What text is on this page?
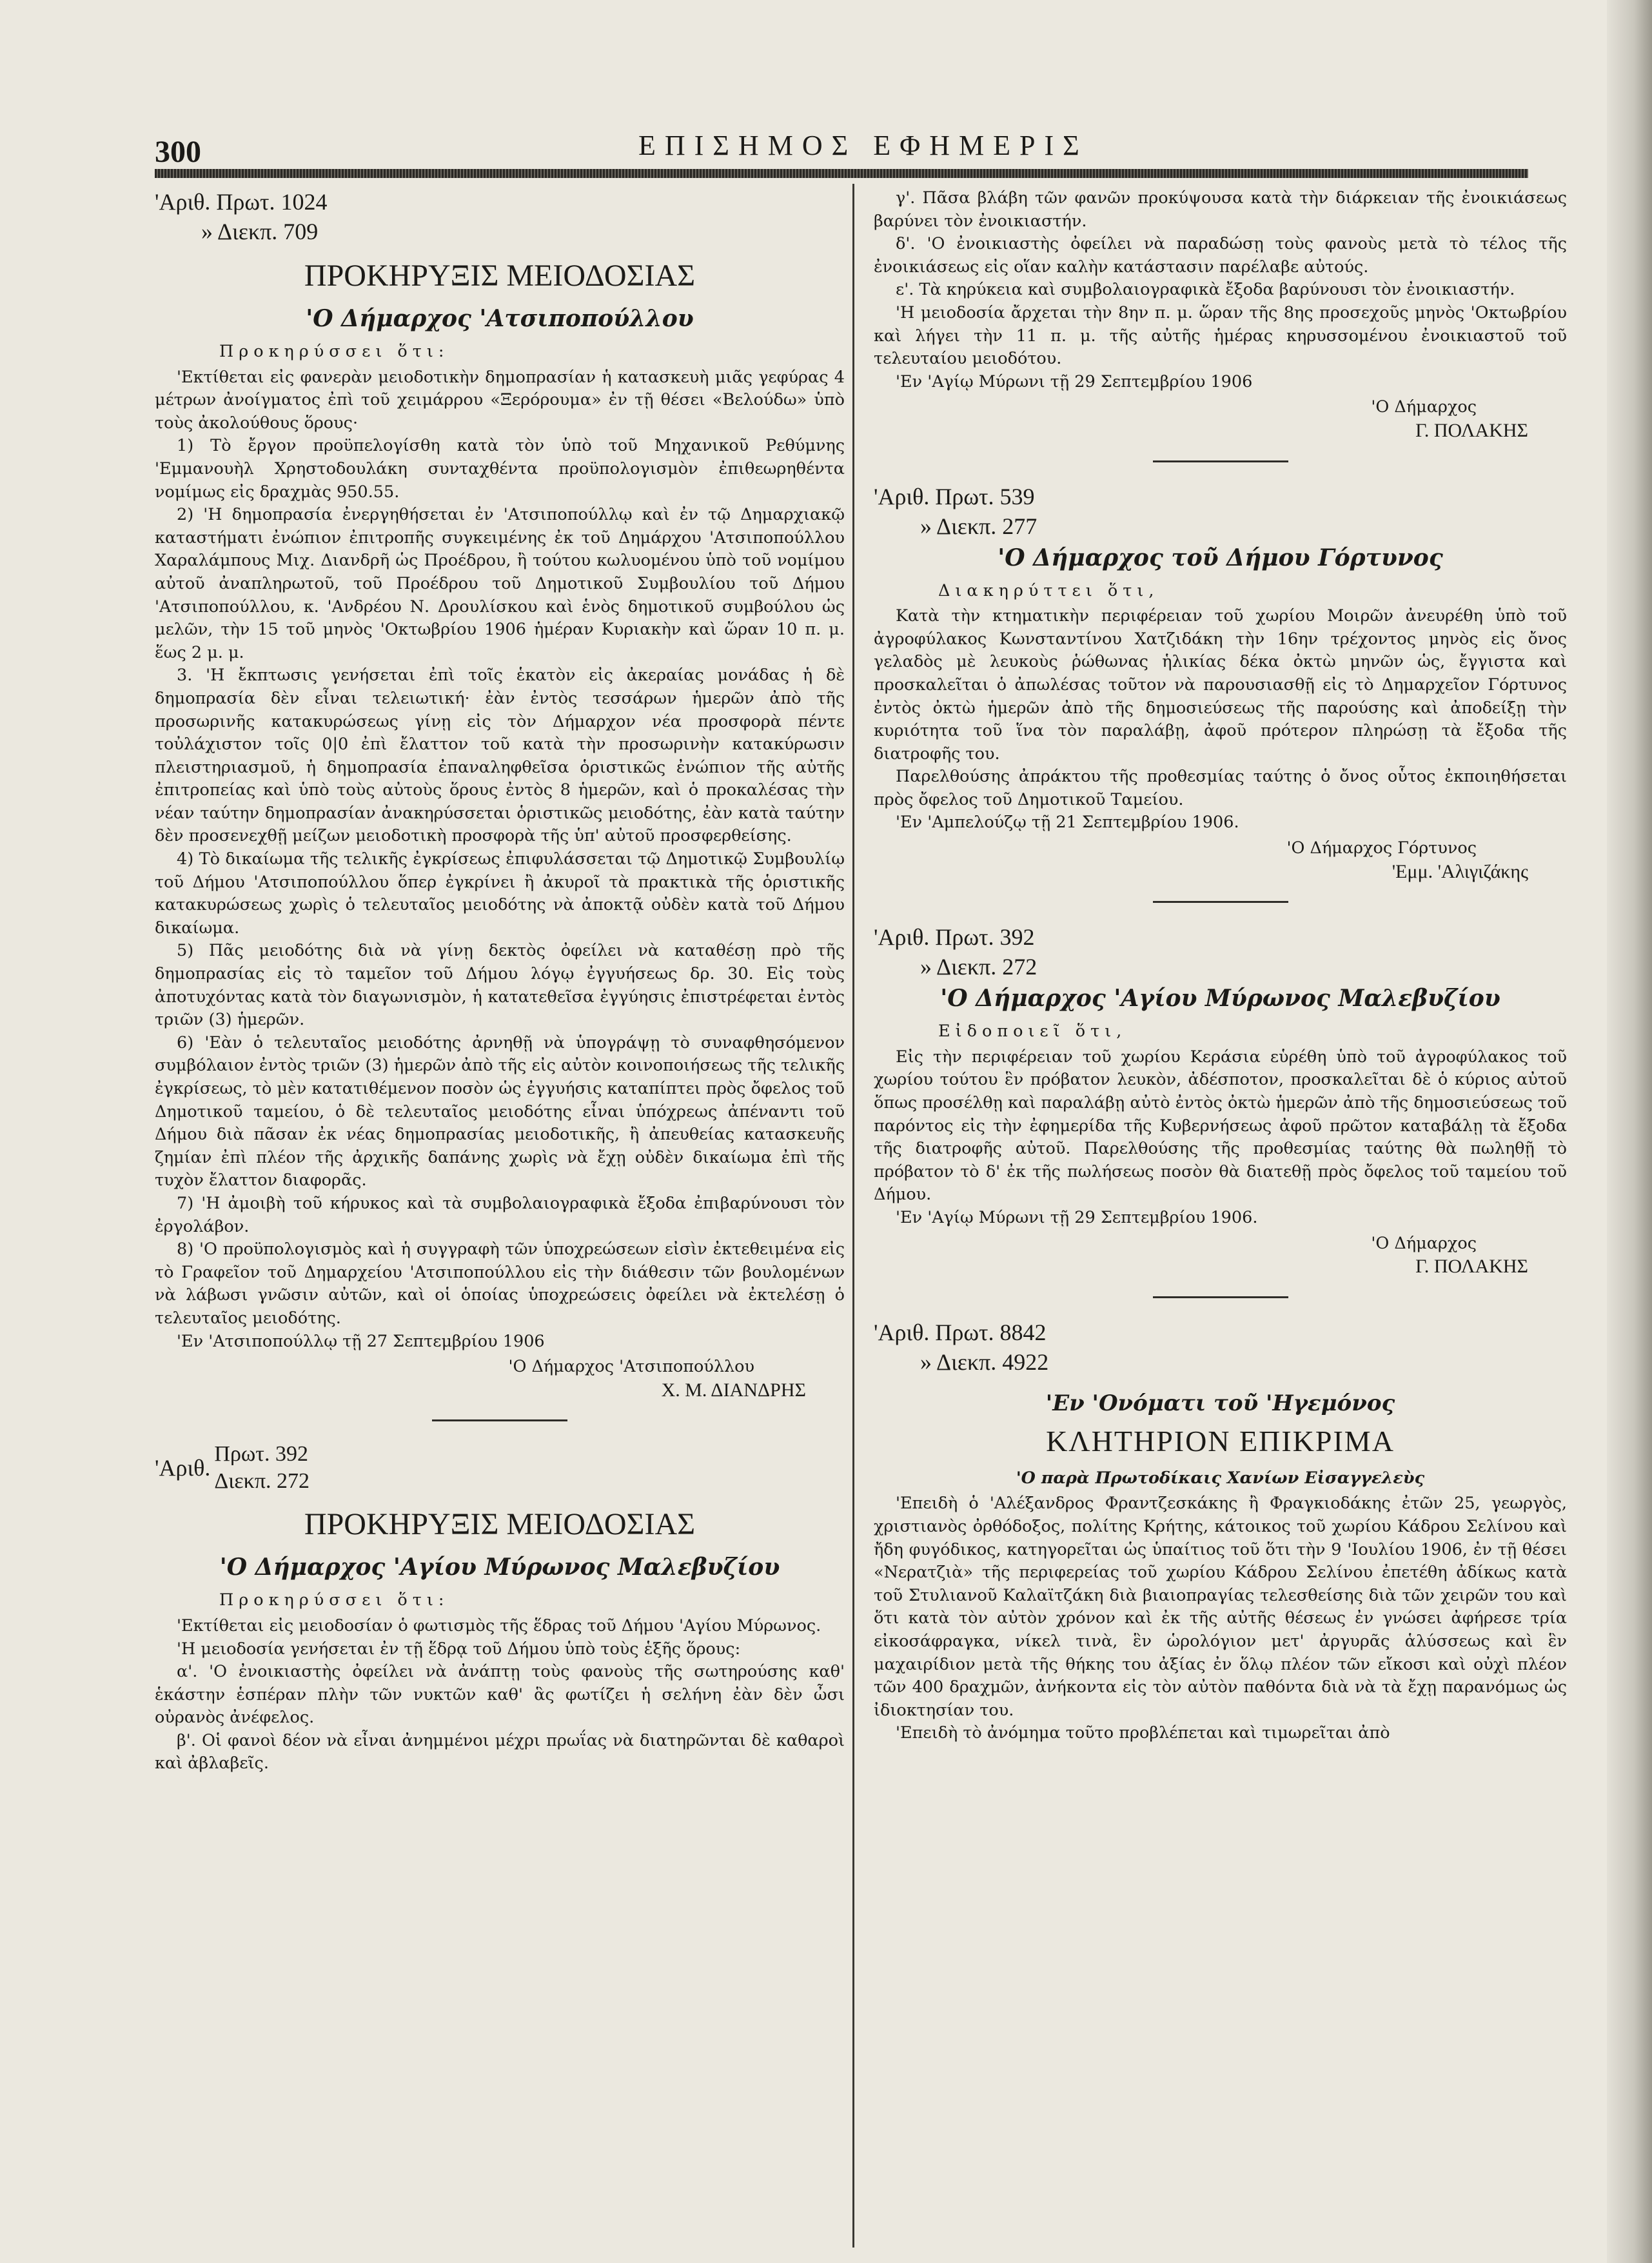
300	ΕΠΙΣΗΜΟΣ ΕΦΗΜΕΡΙΣ

'Αριθ. Πρωτ. 1024

» Διεκπ. 709

ΠΡΟΚΗΡΥΞΙΣ ΜΕΙΟΔΟΣΙΑΣ
'Ο Δήμαρχος 'Ατσιποπούλλου

Προκηρύσσει ὅτι:

'Εκτίθεται εἰς φανερὰν μειοδοτικὴν δημοπρασίαν ἡ κατασκευὴ μιᾶς γεφύρας 4 μέτρων ἀνοίγματος ἐπὶ τοῦ χειμάρρου «Ξερόρουμα» ἐν τῇ θέσει «Βελούδω» ὑπὸ τοὺς ἀκολούθους ὅρους·

1) Τὸ ἔργον προϋπελογίσθη κατὰ τὸν ὑπὸ τοῦ Μηχανικοῦ Ρεθύμνης 'Εμμανουὴλ Χρηστοδουλάκη συνταχθέντα προϋπολογισμὸν ἐπιθεωρηθέντα νομίμως εἰς δραχμὰς 950.55.

2) 'Η δημοπρασία ἐνεργηθήσεται ἐν 'Ατσιποπούλλῳ καὶ ἐν τῷ Δημαρχιακῷ καταστήματι ἐνώπιον ἐπιτροπῆς συγκειμένης ἐκ τοῦ Δημάρχου 'Ατσιποπούλλου Χαραλάμπους Μιχ. Διανδρῆ ὡς Προέδρου, ἢ τούτου κωλυομένου ὑπὸ τοῦ νομίμου αὐτοῦ ἀναπληρωτοῦ, τοῦ Προέδρου τοῦ Δημοτικοῦ Συμβουλίου τοῦ Δήμου 'Ατσιποπούλλου, κ. 'Ανδρέου Ν. Δρουλίσκου καὶ ἑνὸς δημοτικοῦ συμβούλου ὡς μελῶν, τὴν 15 τοῦ μηνὸς 'Οκτωβρίου 1906 ἡμέραν Κυριακὴν καὶ ὥραν 10 π. μ. ἕως 2 μ. μ.

3. 'Η ἔκπτωσις γενήσεται ἐπὶ τοῖς ἑκατὸν εἰς ἀκεραίας μονάδας ἡ δὲ δημοπρασία δὲν εἶναι τελειωτική· ἐὰν ἐντὸς τεσσάρων ἡμερῶν ἀπὸ τῆς προσωρινῆς κατακυρώσεως γίνῃ εἰς τὸν Δήμαρχον νέα προσφορὰ πέντε τοὐλάχιστον τοῖς 0|0 ἐπὶ ἔλαττον τοῦ κατὰ τὴν προσωρινὴν κατακύρωσιν πλειστηριασμοῦ, ἡ δημοπρασία ἐπαναληφθεῖσα ὁριστικῶς ἐνώπιον τῆς αὐτῆς ἐπιτροπείας καὶ ὑπὸ τοὺς αὐτοὺς ὅρους ἐντὸς 8 ἡμερῶν, καὶ ὁ προκαλέσας τὴν νέαν ταύτην δημοπρασίαν ἀνακηρύσσεται ὁριστικῶς μειοδότης, ἐὰν κατὰ ταύτην δὲν προσενεχθῇ μείζων μειοδοτικὴ προσφορὰ τῆς ὑπ' αὐτοῦ προσφερθείσης.

4) Τὸ δικαίωμα τῆς τελικῆς ἐγκρίσεως ἐπιφυλάσσεται τῷ Δημοτικῷ Συμβουλίῳ τοῦ Δήμου 'Ατσιποπούλλου ὅπερ ἐγκρίνει ἢ ἀκυροῖ τὰ πρακτικὰ τῆς ὁριστικῆς κατακυρώσεως χωρὶς ὁ τελευταῖος μειοδότης νὰ ἀποκτᾷ οὐδὲν κατὰ τοῦ Δήμου δικαίωμα.

5) Πᾶς μειοδότης διὰ νὰ γίνῃ δεκτὸς ὀφείλει νὰ καταθέσῃ πρὸ τῆς δημοπρασίας εἰς τὸ ταμεῖον τοῦ Δήμου λόγῳ ἐγγυήσεως δρ. 30. Εἰς τοὺς ἀποτυχόντας κατὰ τὸν διαγωνισμὸν, ἡ κατατεθεῖσα ἐγγύησις ἐπιστρέφεται ἐντὸς τριῶν (3) ἡμερῶν.

6) 'Εὰν ὁ τελευταῖος μειοδότης ἀρνηθῇ νὰ ὑπογράψῃ τὸ συναφθησόμενον συμβόλαιον ἐντὸς τριῶν (3) ἡμερῶν ἀπὸ τῆς εἰς αὐτὸν κοινοποιήσεως τῆς τελικῆς ἐγκρίσεως, τὸ μὲν κατατιθέμενον ποσὸν ὡς ἐγγυήσις καταπίπτει πρὸς ὄφελος τοῦ Δημοτικοῦ ταμείου, ὁ δὲ τελευταῖος μειοδότης εἶναι ὑπόχρεως ἀπέναντι τοῦ Δήμου διὰ πᾶσαν ἐκ νέας δημοπρασίας μειοδοτικῆς, ἢ ἀπευθείας κατασκευῆς ζημίαν ἐπὶ πλέον τῆς ἀρχικῆς δαπάνης χωρὶς νὰ ἔχῃ οὐδὲν δικαίωμα ἐπὶ τῆς τυχὸν ἔλαττον διαφορᾶς.

7) 'Η ἀμοιβὴ τοῦ κήρυκος καὶ τὰ συμβολαιογραφικὰ ἔξοδα ἐπιβαρύνουσι τὸν ἐργολάβον.

8) 'Ο προϋπολογισμὸς καὶ ἡ συγγραφὴ τῶν ὑποχρεώσεων εἰσὶν ἐκτεθειμένα εἰς τὸ Γραφεῖον τοῦ Δημαρχείου 'Ατσιποπούλλου εἰς τὴν διάθεσιν τῶν βουλομένων νὰ λάβωσι γνῶσιν αὐτῶν, καὶ οἱ ὁποίας ὑποχρεώσεις ὀφείλει νὰ ἐκτελέσῃ ὁ τελευταῖος μειοδότης.

'Εν 'Ατσιποπούλλῳ τῇ 27 Σεπτεμβρίου 1906

'Ο Δήμαρχος 'Ατσιποπούλλου

Χ. Μ. ΔΙΑΝΔΡΗΣ

'Αριθ.
Πρωτ. 392
Διεκπ. 272
ΠΡΟΚΗΡΥΞΙΣ ΜΕΙΟΔΟΣΙΑΣ
'Ο Δήμαρχος 'Αγίου Μύρωνος Μαλεβυζίου

Προκηρύσσει ὅτι:

'Εκτίθεται εἰς μειοδοσίαν ὁ φωτισμὸς τῆς ἕδρας τοῦ Δήμου 'Αγίου Μύρωνος.

'Η μειοδοσία γενήσεται ἐν τῇ ἕδρᾳ τοῦ Δήμου ὑπὸ τοὺς ἑξῆς ὅρους:

α'. 'Ο ἐνοικιαστὴς ὀφείλει νὰ ἀνάπτῃ τοὺς φανοὺς τῆς σωτηρούσης καθ' ἑκάστην ἑσπέραν πλὴν τῶν νυκτῶν καθ' ἃς φωτίζει ἡ σελήνη ἐὰν δὲν ὦσι οὐρανὸς ἀνέφελος.

β'. Οἱ φανοὶ δέον νὰ εἶναι ἀνημμένοι μέχρι πρωΐας νὰ διατηρῶνται δὲ καθαροὶ καὶ ἀβλαβεῖς.

γ'. Πᾶσα βλάβη τῶν φανῶν προκύψουσα κατὰ τὴν διάρκειαν τῆς ἐνοικιάσεως βαρύνει τὸν ἐνοικιαστήν.

δ'. 'Ο ἐνοικιαστὴς ὀφείλει νὰ παραδώσῃ τοὺς φανοὺς μετὰ τὸ τέλος τῆς ἐνοικιάσεως εἰς οἵαν καλὴν κατάστασιν παρέλαβε αὐτούς.

ε'. Τὰ κηρύκεια καὶ συμβολαιογραφικὰ ἔξοδα βαρύνουσι τὸν ἐνοικιαστήν.

'Η μειοδοσία ἄρχεται τὴν 8ην π. μ. ὥραν τῆς 8ης προσεχοῦς μηνὸς 'Οκτωβρίου καὶ λήγει τὴν 11 π. μ. τῆς αὐτῆς ἡμέρας κηρυσσομένου ἐνοικιαστοῦ τοῦ τελευταίου μειοδότου.

'Εν 'Αγίῳ Μύρωνι τῇ 29 Σεπτεμβρίου 1906

'Ο Δήμαρχος

Γ. ΠΟΛΑΚΗΣ

'Αριθ. Πρωτ. 539

» Διεκπ. 277

'Ο Δήμαρχος τοῦ Δήμου Γόρτυνος

Διακηρύττει ὅτι,

Κατὰ τὴν κτηματικὴν περιφέρειαν τοῦ χωρίου Μοιρῶν ἀνευρέθη ὑπὸ τοῦ ἀγροφύλακος Κωνσταντίνου Χατζιδάκη τὴν 16ην τρέχοντος μηνὸς εἰς ὄνος γελαδὸς μὲ λευκοὺς ῥώθωνας ἡλικίας δέκα ὀκτὼ μηνῶν ὡς, ἔγγιστα καὶ προσκαλεῖται ὁ ἀπωλέσας τοῦτον νὰ παρουσιασθῇ εἰς τὸ Δημαρχεῖον Γόρτυνος ἐντὸς ὀκτὼ ἡμερῶν ἀπὸ τῆς δημοσιεύσεως τῆς παρούσης καὶ ἀποδείξῃ τὴν κυριότητα τοῦ ἵνα τὸν παραλάβῃ, ἀφοῦ πρότερον πληρώσῃ τὰ ἔξοδα τῆς διατροφῆς του.

Παρελθούσης ἀπράκτου τῆς προθεσμίας ταύτης ὁ ὄνος οὗτος ἐκποιηθήσεται πρὸς ὄφελος τοῦ Δημοτικοῦ Ταμείου.

'Εν 'Αμπελούζῳ τῇ 21 Σεπτεμβρίου 1906.

'Ο Δήμαρχος Γόρτυνος

'Εμμ. 'Αλιγιζάκης

'Αριθ. Πρωτ. 392

» Διεκπ. 272

'Ο Δήμαρχος 'Αγίου Μύρωνος Μαλεβυζίου

Εἰδοποιεῖ ὅτι,

Εἰς τὴν περιφέρειαν τοῦ χωρίου Κεράσια εὑρέθη ὑπὸ τοῦ ἀγροφύλακος τοῦ χωρίου τούτου ἓν πρόβατον λευκὸν, ἀδέσποτον, προσκαλεῖται δὲ ὁ κύριος αὐτοῦ ὅπως προσέλθῃ καὶ παραλάβῃ αὐτὸ ἐντὸς ὀκτὼ ἡμερῶν ἀπὸ τῆς δημοσιεύσεως τοῦ παρόντος εἰς τὴν ἐφημερίδα τῆς Κυβερνήσεως ἀφοῦ πρῶτον καταβάλῃ τὰ ἔξοδα τῆς διατροφῆς αὐτοῦ. Παρελθούσης τῆς προθεσμίας ταύτης θὰ πωληθῇ τὸ πρόβατον τὸ δ' ἐκ τῆς πωλήσεως ποσὸν θὰ διατεθῇ πρὸς ὄφελος τοῦ ταμείου τοῦ Δήμου.

'Εν 'Αγίῳ Μύρωνι τῇ 29 Σεπτεμβρίου 1906.

'Ο Δήμαρχος

Γ. ΠΟΛΑΚΗΣ

'Αριθ. Πρωτ. 8842

» Διεκπ. 4922

'Εν 'Ονόματι τοῦ 'Ηγεμόνος
ΚΛΗΤΗΡΙΟΝ ΕΠΙΚΡΙΜΑ

'Ο παρὰ Πρωτοδίκαις Χανίων Εἰσαγγελεὺς

'Επειδὴ ὁ 'Αλέξανδρος Φραντζεσκάκης ἢ Φραγκιοδάκης ἐτῶν 25, γεωργὸς, χριστιανὸς ὀρθόδοξος, πολίτης Κρήτης, κάτοικος τοῦ χωρίου Κάδρου Σελίνου καὶ ἤδη φυγόδικος, κατηγορεῖται ὡς ὑπαίτιος τοῦ ὅτι τὴν 9 'Ιουλίου 1906, ἐν τῇ θέσει «Νερατζιὰ» τῆς περιφερείας τοῦ χωρίου Κάδρου Σελίνου ἐπετέθη ἀδίκως κατὰ τοῦ Στυλιανοῦ Καλαϊτζάκη διὰ βιαιοπραγίας τελεσθείσης διὰ τῶν χειρῶν του καὶ ὅτι κατὰ τὸν αὐτὸν χρόνον καὶ ἐκ τῆς αὐτῆς θέσεως ἐν γνώσει ἀφήρεσε τρία εἰκοσάφραγκα, νίκελ τινὰ, ἓν ὡρολόγιον μετ' ἀργυρᾶς ἁλύσσεως καὶ ἓν μαχαιρίδιον μετὰ τῆς θήκης του ἀξίας ἐν ὅλῳ πλέον τῶν εἴκοσι καὶ οὐχὶ πλέον τῶν 400 δραχμῶν, ἀνήκοντα εἰς τὸν αὐτὸν παθόντα διὰ νὰ τὰ ἔχῃ παρανόμως ὡς ἰδιοκτησίαν του.

'Επειδὴ τὸ ἀνόμημα τοῦτο προβλέπεται καὶ τιμωρεῖται ἀπὸ
